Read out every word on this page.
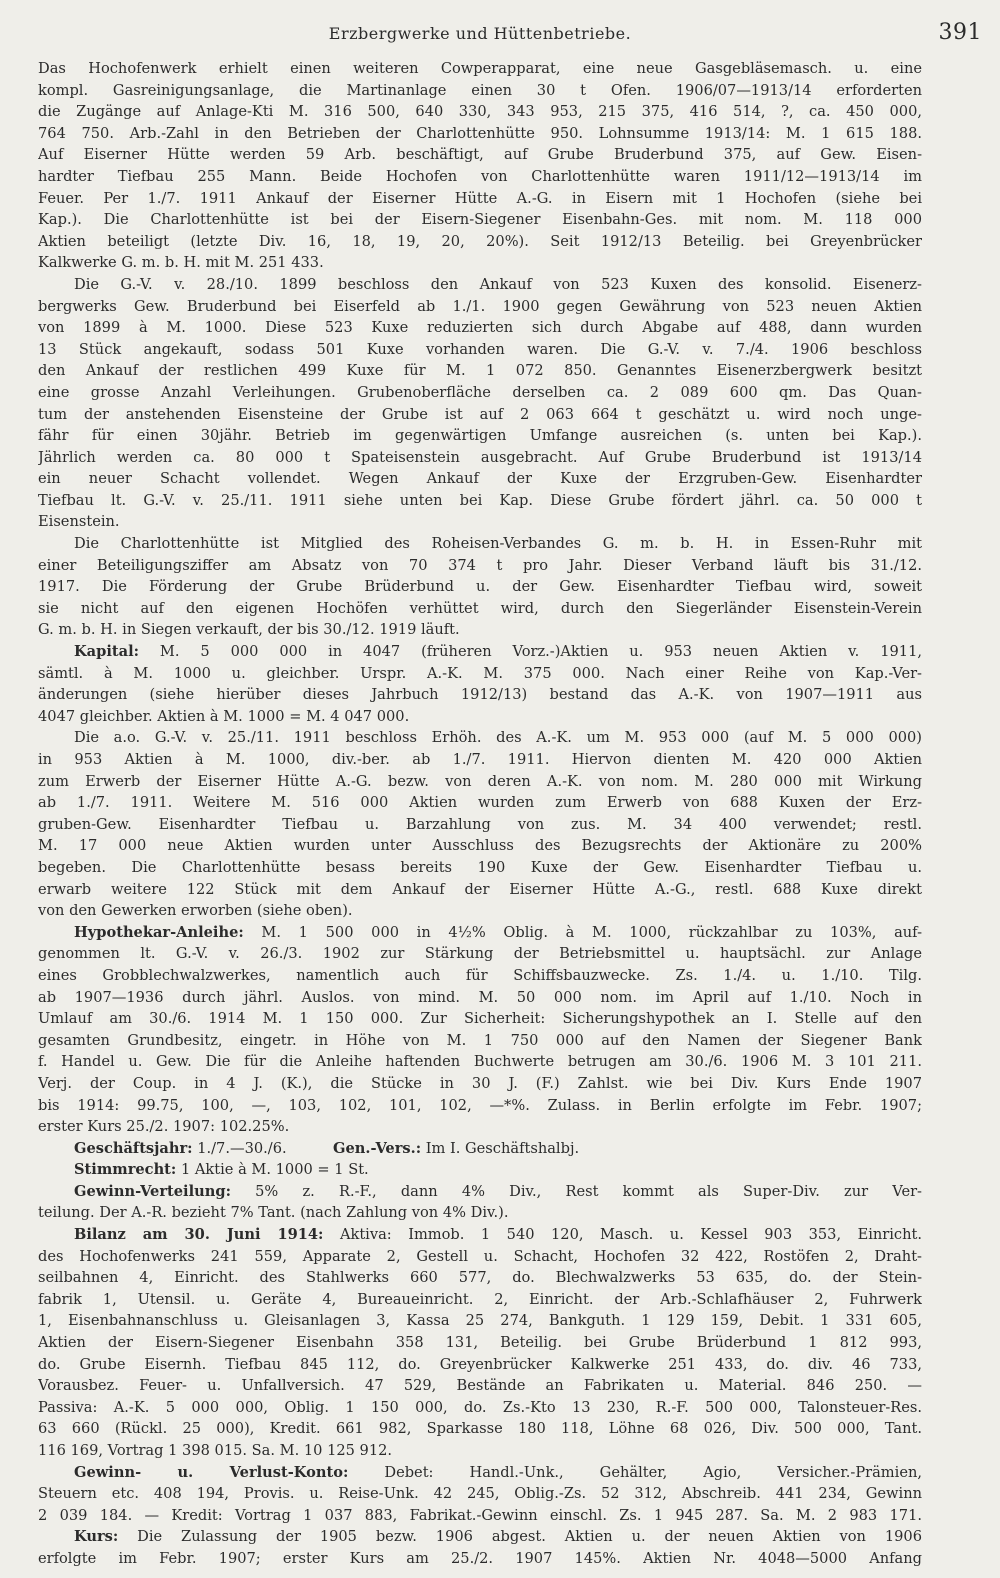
Erzbergwerke und Hüttenbetriebe.	391
Das Hochofenwerk erhielt einen weiteren Cowperapparat, eine neue Gasgebläsemasch. u. eine
kompl. Gasreinigungsanlage, die Martinanlage einen 30 t Ofen. 1906/07—1913/14 erforderten
die Zugänge auf Anlage-Kti M. 316 500, 640 330, 343 953, 215 375, 416 514, ?, ca. 450 000,
764 750. Arb.-Zahl in den Betrieben der Charlottenhütte 950. Lohnsumme 1913/14: M. 1 615 188.
Auf Eiserner Hütte werden 59 Arb. beschäftigt, auf Grube Bruderbund 375, auf Gew. Eisen-
hardter Tiefbau 255 Mann. Beide Hochofen von Charlottenhütte waren 1911/12—1913/14 im
Feuer. Per 1./7. 1911 Ankauf der Eiserner Hütte A.-G. in Eisern mit 1 Hochofen (siehe bei
Kap.). Die Charlottenhütte ist bei der Eisern-Siegener Eisenbahn-Ges. mit nom. M. 118 000
Aktien beteiligt (letzte Div. 16, 18, 19, 20, 20%). Seit 1912/13 Beteilig. bei Greyenbrücker
Kalkwerke G. m. b. H. mit M. 251 433.
Die G.-V. v. 28./10. 1899 beschloss den Ankauf von 523 Kuxen des konsolid. Eisenerz-
bergwerks Gew. Bruderbund bei Eiserfeld ab 1./1. 1900 gegen Gewährung von 523 neuen Aktien
von 1899 à M. 1000. Diese 523 Kuxe reduzierten sich durch Abgabe auf 488, dann wurden
13 Stück angekauft, sodass 501 Kuxe vorhanden waren. Die G.-V. v. 7./4. 1906 beschloss
den Ankauf der restlichen 499 Kuxe für M. 1 072 850. Genanntes Eisenerzbergwerk besitzt
eine grosse Anzahl Verleihungen. Grubenoberfläche derselben ca. 2 089 600 qm. Das Quan-
tum der anstehenden Eisensteine der Grube ist auf 2 063 664 t geschätzt u. wird noch unge-
fähr für einen 30jähr. Betrieb im gegenwärtigen Umfange ausreichen (s. unten bei Kap.).
Jährlich werden ca. 80 000 t Spateisenstein ausgebracht. Auf Grube Bruderbund ist 1913/14
ein neuer Schacht vollendet. Wegen Ankauf der Kuxe der Erzgruben-Gew. Eisenhardter
Tiefbau lt. G.-V. v. 25./11. 1911 siehe unten bei Kap. Diese Grube fördert jährl. ca. 50 000 t
Eisenstein.
Die Charlottenhütte ist Mitglied des Roheisen-Verbandes G. m. b. H. in Essen-Ruhr mit
einer Beteiligungsziffer am Absatz von 70 374 t pro Jahr. Dieser Verband läuft bis 31./12.
1917. Die Förderung der Grube Brüderbund u. der Gew. Eisenhardter Tiefbau wird, soweit
sie nicht auf den eigenen Hochöfen verhüttet wird, durch den Siegerländer Eisenstein-Verein
G. m. b. H. in Siegen verkauft, der bis 30./12. 1919 läuft.
Kapital: M. 5 000 000 in 4047 (früheren Vorz.-)Aktien u. 953 neuen Aktien v. 1911,
sämtl. à M. 1000 u. gleichber. Urspr. A.-K. M. 375 000. Nach einer Reihe von Kap.-Ver-
änderungen (siehe hierüber dieses Jahrbuch 1912/13) bestand das A.-K. von 1907—1911 aus
4047 gleichber. Aktien à M. 1000 = M. 4 047 000.
Die a.o. G.-V. v. 25./11. 1911 beschloss Erhöh. des A.-K. um M. 953 000 (auf M. 5 000 000)
in 953 Aktien à M. 1000, div.-ber. ab 1./7. 1911. Hiervon dienten M. 420 000 Aktien
zum Erwerb der Eiserner Hütte A.-G. bezw. von deren A.-K. von nom. M. 280 000 mit Wirkung
ab 1./7. 1911. Weitere M. 516 000 Aktien wurden zum Erwerb von 688 Kuxen der Erz-
gruben-Gew. Eisenhardter Tiefbau u. Barzahlung von zus. M. 34 400 verwendet; restl.
M. 17 000 neue Aktien wurden unter Ausschluss des Bezugsrechts der Aktionäre zu 200%
begeben. Die Charlottenhütte besass bereits 190 Kuxe der Gew. Eisenhardter Tiefbau u.
erwarb weitere 122 Stück mit dem Ankauf der Eiserner Hütte A.-G., restl. 688 Kuxe direkt
von den Gewerken erworben (siehe oben).
Hypothekar-Anleihe: M. 1 500 000 in 4½% Oblig. à M. 1000, rückzahlbar zu 103%, auf-
genommen lt. G.-V. v. 26./3. 1902 zur Stärkung der Betriebsmittel u. hauptsächl. zur Anlage
eines Grobblechwalzwerkes, namentlich auch für Schiffsbauzwecke. Zs. 1./4. u. 1./10. Tilg.
ab 1907—1936 durch jährl. Auslos. von mind. M. 50 000 nom. im April auf 1./10. Noch in
Umlauf am 30./6. 1914 M. 1 150 000. Zur Sicherheit: Sicherungshypothek an I. Stelle auf den
gesamten Grundbesitz, eingetr. in Höhe von M. 1 750 000 auf den Namen der Siegener Bank
f. Handel u. Gew. Die für die Anleihe haftenden Buchwerte betrugen am 30./6. 1906 M. 3 101 211.
Verj. der Coup. in 4 J. (K.), die Stücke in 30 J. (F.) Zahlst. wie bei Div. Kurs Ende 1907
bis 1914: 99.75, 100, —, 103, 102, 101, 102, —*%. Zulass. in Berlin erfolgte im Febr. 1907;
erster Kurs 25./2. 1907: 102.25%.
Geschäftsjahr: 1./7.—30./6.          Gen.-Vers.: Im I. Geschäftshalbj.
Stimmrecht: 1 Aktie à M. 1000 = 1 St.
Gewinn-Verteilung: 5% z. R.-F., dann 4% Div., Rest kommt als Super-Div. zur Ver-
teilung. Der A.-R. bezieht 7% Tant. (nach Zahlung von 4% Div.).
Bilanz am 30. Juni 1914: Aktiva: Immob. 1 540 120, Masch. u. Kessel 903 353, Einricht.
des Hochofenwerks 241 559, Apparate 2, Gestell u. Schacht, Hochofen 32 422, Rostöfen 2, Draht-
seilbahnen 4, Einricht. des Stahlwerks 660 577, do. Blechwalzwerks 53 635, do. der Stein-
fabrik 1, Utensil. u. Geräte 4, Bureaueinricht. 2, Einricht. der Arb.-Schlafhäuser 2, Fuhrwerk
1, Eisenbahnanschluss u. Gleisanlagen 3, Kassa 25 274, Bankguth. 1 129 159, Debit. 1 331 605,
Aktien der Eisern-Siegener Eisenbahn 358 131, Beteilig. bei Grube Brüderbund 1 812 993,
do. Grube Eisernh. Tiefbau 845 112, do. Greyenbrücker Kalkwerke 251 433, do. div. 46 733,
Vorausbez. Feuer- u. Unfallversich. 47 529, Bestände an Fabrikaten u. Material. 846 250. —
Passiva: A.-K. 5 000 000, Oblig. 1 150 000, do. Zs.-Kto 13 230, R.-F. 500 000, Talonsteuer-Res.
63 660 (Rückl. 25 000), Kredit. 661 982, Sparkasse 180 118, Löhne 68 026, Div. 500 000, Tant.
116 169, Vortrag 1 398 015. Sa. M. 10 125 912.
Gewinn- u. Verlust-Konto: Debet: Handl.-Unk., Gehälter, Agio, Versicher.-Prämien,
Steuern etc. 408 194, Provis. u. Reise-Unk. 42 245, Oblig.-Zs. 52 312, Abschreib. 441 234, Gewinn
2 039 184. — Kredit: Vortrag 1 037 883, Fabrikat.-Gewinn einschl. Zs. 1 945 287. Sa. M. 2 983 171.
Kurs: Die Zulassung der 1905 bezw. 1906 abgest. Aktien u. der neuen Aktien von 1906
erfolgte im Febr. 1907; erster Kurs am 25./2. 1907 145%. Aktien Nr. 4048—5000 Anfang
